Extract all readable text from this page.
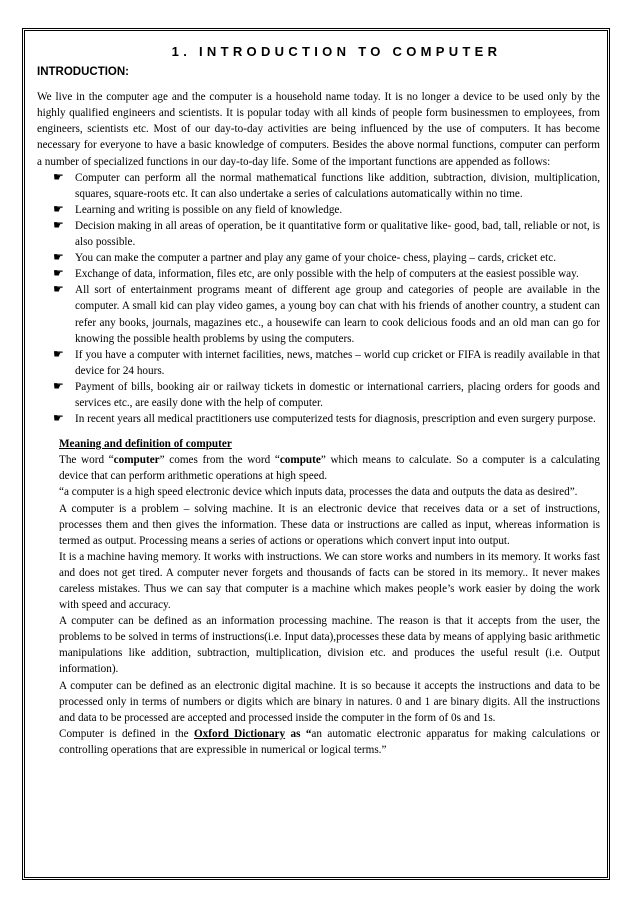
1. INTRODUCTION TO COMPUTER
INTRODUCTION:

We live in the computer age and the computer is a household name today. It is no longer a device to be used only by the highly qualified engineers and scientists. It is popular today with all kinds of people form businessmen to employees, from engineers, scientists etc. Most of our day-to-day activities are being influenced by the use of computers. It has become necessary for everyone to have a basic knowledge of computers. Besides the above normal functions, computer can perform a number of specialized functions in our day-to-day life. Some of the important functions are appended as follows:

☛ Computer can perform all the normal mathematical functions like addition, subtraction, division, multiplication, squares, square-roots etc. It can also undertake a series of calculations automatically within no time.
☛ Learning and writing is possible on any field of knowledge.
☛ Decision making in all areas of operation, be it quantitative form or qualitative like- good, bad, tall, reliable or not, is also possible.
☛ You can make the computer a partner and play any game of your choice- chess, playing – cards, cricket etc.
☛ Exchange of data, information, files etc, are only possible with the help of computers at the easiest possible way.
☛ All sort of entertainment programs meant of different age group and categories of people are available in the computer. A small kid can play video games, a young boy can chat with his friends of another country, a student can refer any books, journals, magazines etc., a housewife can learn to cook delicious foods and an old man can go for knowing the possible health problems by using the computers.
☛ If you have a computer with internet facilities, news, matches – world cup cricket or FIFA is readily available in that device for 24 hours.
☛ Payment of bills, booking air or railway tickets in domestic or international carriers, placing orders for goods and services etc., are easily done with the help of computer.
☛ In recent years all medical practitioners use computerized tests for diagnosis, prescription and even surgery purpose.
Meaning and definition of computer

The word “computer” comes from the word “compute” which means to calculate. So a computer is a calculating device that can perform arithmetic operations at high speed.

“a computer is a high speed electronic device which inputs data, processes the data and outputs the data as desired”.

A computer is a problem – solving machine. It is an electronic device that receives data or a set of instructions, processes them and then gives the information. These data or instructions are called as input, whereas information is termed as output. Processing means a series of actions or operations which convert input into output.

It is a machine having memory. It works with instructions. We can store works and numbers in its memory. It works fast and does not get tired. A computer never forgets and thousands of facts can be stored in its memory.. It never makes careless mistakes. Thus we can say that computer is a machine which makes people’s work easier by doing the work with speed and accuracy.

A computer can be defined as an information processing machine. The reason is that it accepts from the user, the problems to be solved in terms of instructions(i.e. Input data),processes these data by means of applying basic arithmetic manipulations like addition, subtraction, multiplication, division etc. and produces the useful result (i.e. Output information).

A computer can be defined as an electronic digital machine. It is so because it accepts the instructions and data to be processed only in terms of numbers or digits which are binary in natures. 0 and 1 are binary digits. All the instructions and data to be processed are accepted and processed inside the computer in the form of 0s and 1s.

Computer is defined in the Oxford Dictionary as “an automatic electronic apparatus for making calculations or controlling operations that are expressible in numerical or logical terms.”
